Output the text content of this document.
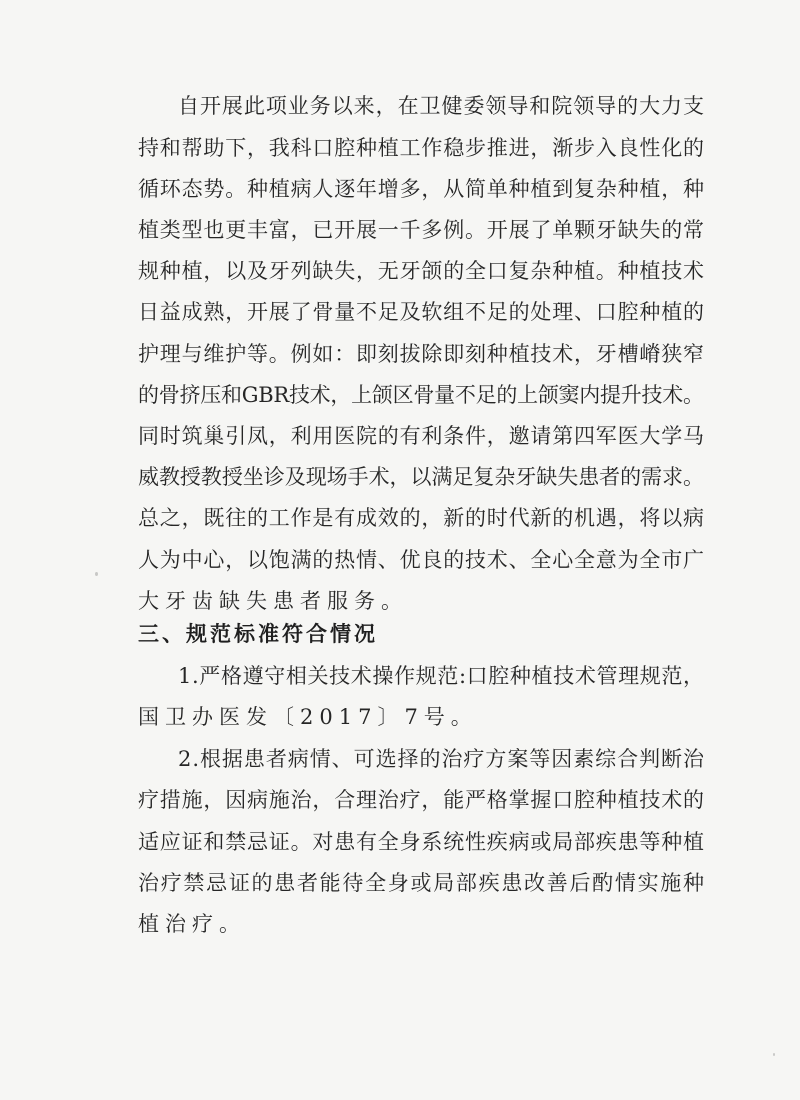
自开展此项业务以来，在卫健委领导和院领导的大力支
持和帮助下，我科口腔种植工作稳步推进，渐步入良性化的
循环态势。种植病人逐年增多，从简单种植到复杂种植，种
植类型也更丰富，已开展一千多例。开展了单颗牙缺失的常
规种植，以及牙列缺失，无牙颌的全口复杂种植。种植技术
日益成熟，开展了骨量不足及软组不足的处理、口腔种植的
护理与维护等。例如：即刻拔除即刻种植技术，牙槽嵴狭窄
的骨挤压和GBR技术，上颌区骨量不足的上颌窦内提升技术。
同时筑巢引凤，利用医院的有利条件，邀请第四军医大学马
威教授教授坐诊及现场手术，以满足复杂牙缺失患者的需求。
总之，既往的工作是有成效的，新的时代新的机遇，将以病
人为中心，以饱满的热情、优良的技术、全心全意为全市广
大牙齿缺失患者服务。
三、规范标准符合情况
1.严格遵守相关技术操作规范:口腔种植技术管理规范，
国卫办医发〔2017〕7号。
2.根据患者病情、可选择的治疗方案等因素综合判断治
疗措施，因病施治，合理治疗，能严格掌握口腔种植技术的
适应证和禁忌证。对患有全身系统性疾病或局部疾患等种植
治疗禁忌证的患者能待全身或局部疾患改善后酌情实施种
植治疗。
